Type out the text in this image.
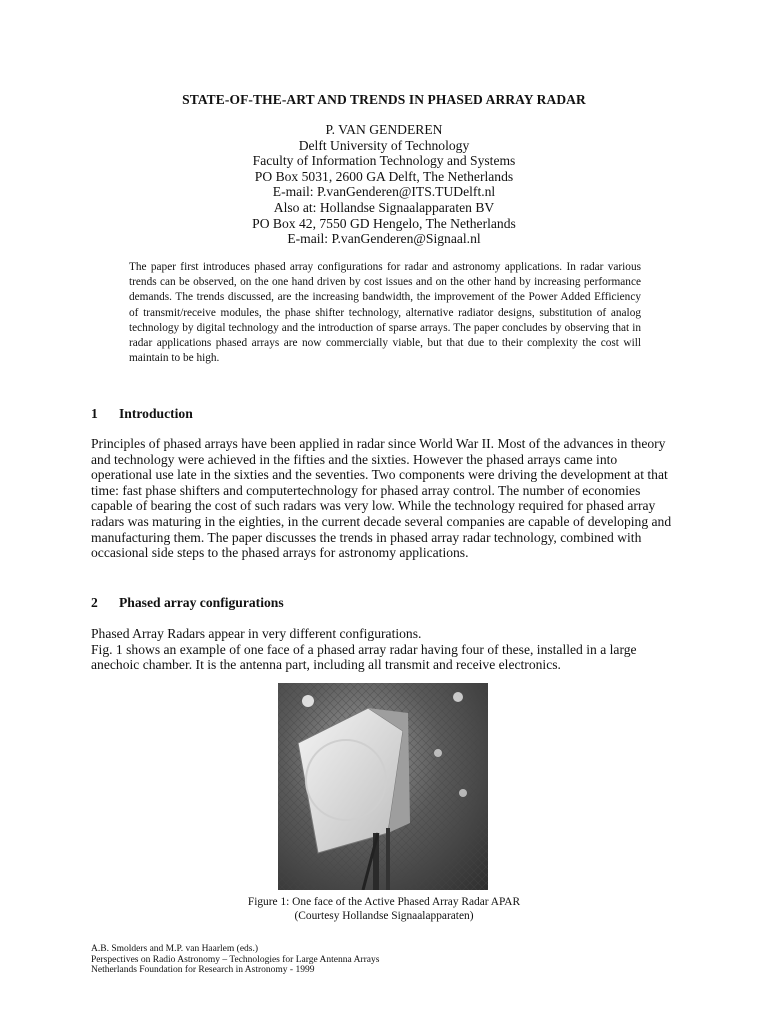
STATE-OF-THE-ART AND TRENDS IN PHASED ARRAY RADAR
P. VAN GENDEREN
Delft University of Technology
Faculty of Information Technology and Systems
PO Box 5031, 2600 GA Delft, The Netherlands
E-mail: P.vanGenderen@ITS.TUDelft.nl
Also at: Hollandse Signaalapparaten BV
PO Box 42, 7550 GD Hengelo, The Netherlands
E-mail: P.vanGenderen@Signaal.nl
The paper first introduces phased array configurations for radar and astronomy applications. In radar various trends can be observed, on the one hand driven by cost issues and on the other hand by increasing performance demands. The trends discussed, are the increasing bandwidth, the improvement of the Power Added Efficiency of transmit/receive modules, the phase shifter technology, alternative radiator designs, substitution of analog technology by digital technology and the introduction of sparse arrays. The paper concludes by observing that in radar applications phased arrays are now commercially viable, but that due to their complexity the cost will maintain to be high.
1 Introduction

Principles of phased arrays have been applied in radar since World War II. Most of the advances in theory and technology were achieved in the fifties and the sixties. However the phased arrays came into operational use late in the sixties and the seventies. Two components were driving the development at that time: fast phase shifters and computertechnology for phased array control. The number of economies capable of bearing the cost of such radars was very low. While the technology required for phased array radars was maturing in the eighties, in the current decade several companies are capable of developing and manufacturing them. The paper discusses the trends in phased array radar technology, combined with occasional side steps to the phased arrays for astronomy applications.

2 Phased array configurations

Phased Array Radars appear in very different configurations.

Fig. 1 shows an example of one face of a phased array radar having four of these, installed in a large anechoic chamber. It is the antenna part, including all transmit and receive electronics.

Figure 1: One face of the Active Phased Array Radar APAR
(Courtesy Hollandse Signaalapparaten)
A.B. Smolders and M.P. van Haarlem (eds.)
Perspectives on Radio Astronomy – Technologies for Large Antenna Arrays
Netherlands Foundation for Research in Astronomy - 1999
